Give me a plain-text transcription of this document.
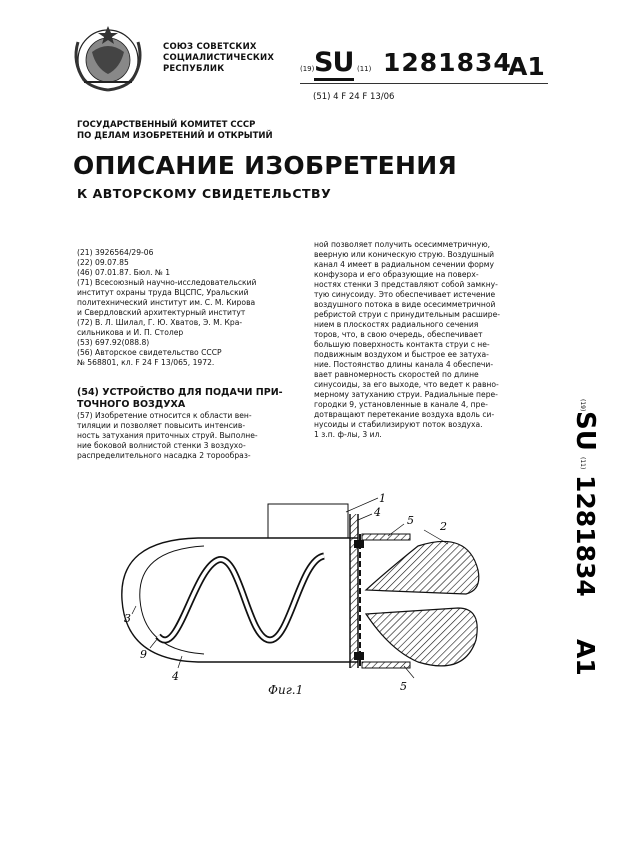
СОЮЗ СОВЕТСКИХ
СОЦИАЛИСТИЧЕСКИХ
РЕСПУБЛИК	(19) SU (11) 1281834
A1
(51) 4 F 24 F 13/06
ГОСУДАРСТВЕННЫЙ КОМИТЕТ СССР
ПО ДЕЛАМ ИЗОБРЕТЕНИЙ И ОТКРЫТИЙ
ОПИСАНИЕ ИЗОБРЕТЕНИЯ
К АВТОРСКОМУ СВИДЕТЕЛЬСТВУ
(21) 3926564/29-06
(22) 09.07.85
(46) 07.01.87. Бюл. № 1
(71) Всесоюзный научно-исследовательский
институт охраны труда ВЦСПС, Уральский
политехнический институт им. С. М. Кирова
и Свердловский архитектурный институт
(72) В. Л. Шилал, Г. Ю. Хватов, Э. М. Кра-
сильникова и И. П. Столер
(53) 697.92(088.8)
(56) Авторское свидетельство СССР
№ 568801, кл. F 24 F 13/065, 1972.
(54) УСТРОЙСТВО ДЛЯ ПОДАЧИ ПРИ-
ТОЧНОГО ВОЗДУХА
(57) Изобретение относится к области вен-
тиляции и позволяет повысить интенсив-
ность затухания приточных струй. Выполне-
ние боковой волнистой стенки 3 воздухо-
распределительного насадка 2 торообраз-
ной позволяет получить осесимметричную,
веерную или коническую струю. Воздушный
канал 4 имеет в радиальном сечении форму
конфузора и его образующие на поверх-
ностях стенки 3 представляют собой замкну-
тую синусоиду. Это обеспечивает истечение
воздушного потока в виде осесимметричной
ребристой струи с принудительным расшире-
нием в плоскостях радиального сечения
торов, что, в свою очередь, обеспечивает
большую поверхность контакта струи с не-
подвижным воздухом и быстрое ее затуха-
ние. Постоянство длины канала 4 обеспечи-
вает равномерность скоростей по длине
синусоиды, за его выходе, что ведет к равно-
мерному затуханию струи. Радиальные пере-
городки 9, установленные в канале 4, пре-
дотвращают перетекание воздуха вдоль си-
нусоиды и стабилизируют поток воздуха.
1 з.п. ф-лы, 3 ил.
(19)
SU
(11)
1281834
A1
1
4
5 2
3
9
4
5
Фиг.1
